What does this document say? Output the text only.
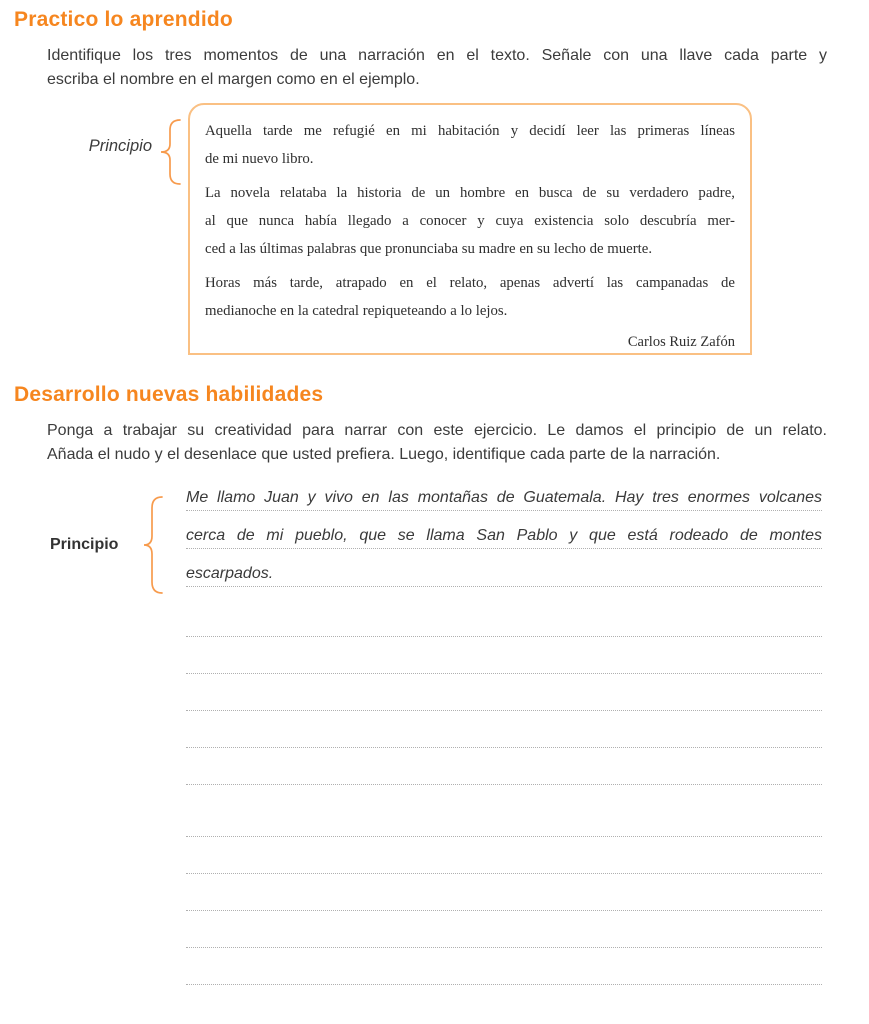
Practico lo aprendido

Identifique los tres momentos de una narración en el texto. Señale con una llave cada parte y
escriba el nombre en el margen como en el ejemplo.

Principio

Aquella tarde me refugié en mi habitación y decidí leer las primeras líneas
de mi nuevo libro.

La novela relataba la historia de un hombre en busca de su verdadero padre,
al que nunca había llegado a conocer y cuya existencia solo descubría mer-
ced a las últimas palabras que pronunciaba su madre en su lecho de muerte.

Horas más tarde, atrapado en el relato, apenas advertí las campanadas de
medianoche en la catedral repiqueteando a lo lejos.

Carlos Ruiz Zafón
Desarrollo nuevas habilidades

Ponga a trabajar su creatividad para narrar con este ejercicio. Le damos el principio de un relato.
Añada el nudo y el desenlace que usted prefiera. Luego, identifique cada parte de la narración.

Principio
Me llamo Juan y vivo en las montañas de Guatemala. Hay tres enormes volcanes
cerca de mi pueblo, que se llama San Pablo y que está rodeado de montes
escarpados.
